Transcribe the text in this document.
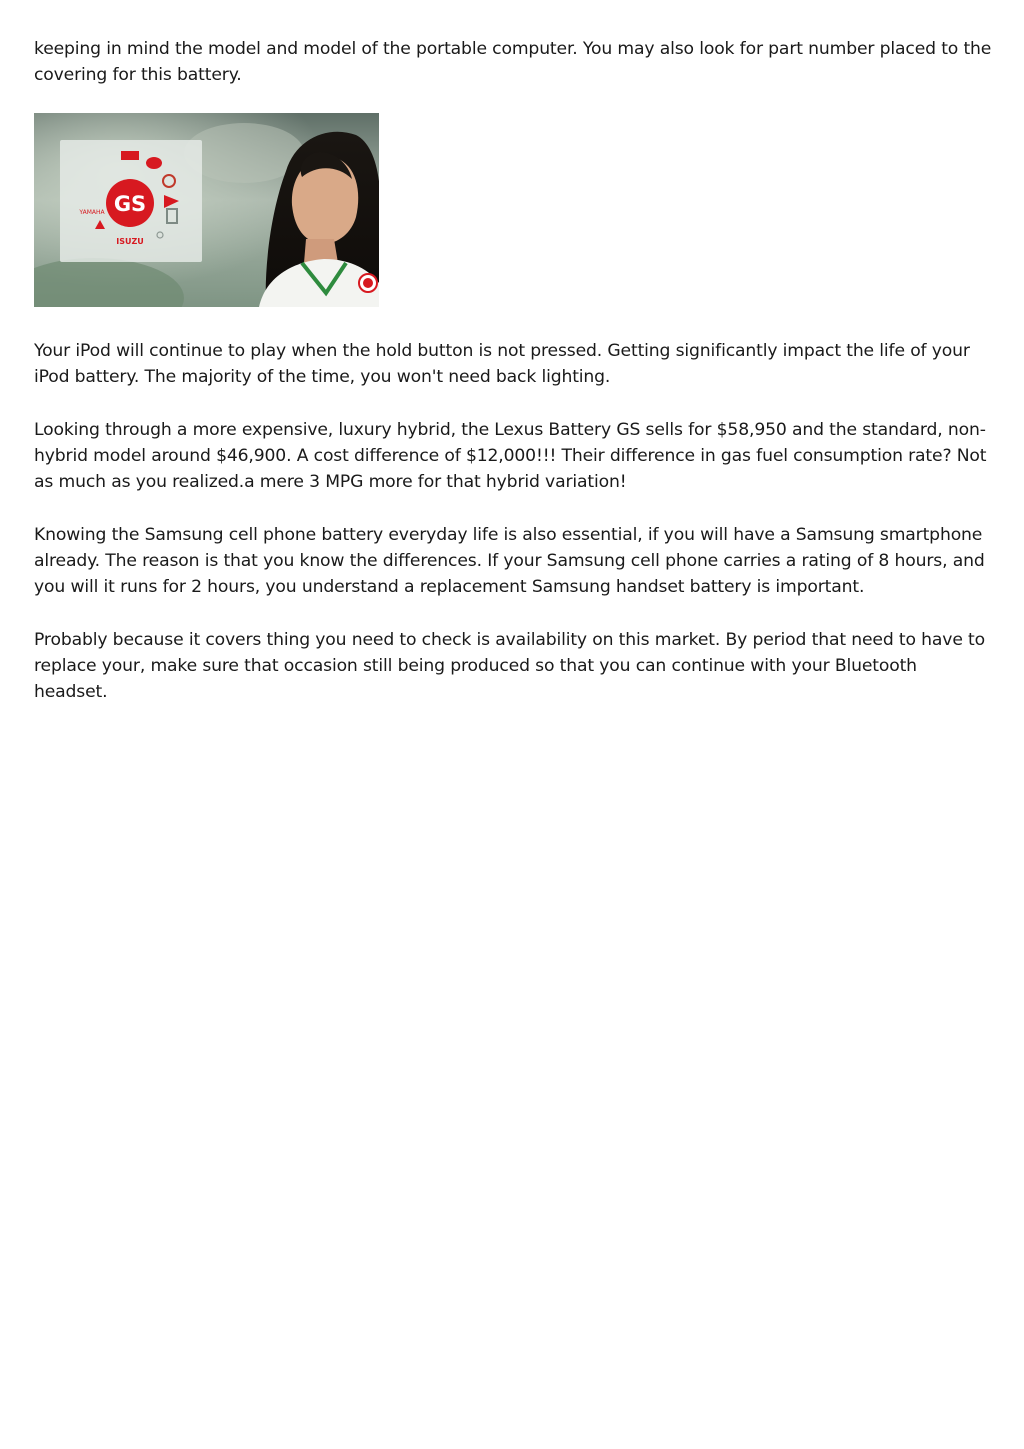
keeping in mind the model and model of the portable computer. You may also look for part number placed to the covering for this battery.

GS
YAMAHA
ISUZU

Your iPod will continue to play when the hold button is not pressed. Getting significantly impact the life of your iPod battery. The majority of the time, you won't need back lighting.

Looking through a more expensive, luxury hybrid, the Lexus Battery GS sells for $58,950 and the standard, non-hybrid model around $46,900. A cost difference of $12,000!!! Their difference in gas fuel consumption rate? Not as much as you realized.a mere 3 MPG more for that hybrid variation!

Knowing the Samsung cell phone battery everyday life is also essential, if you will have a Samsung smartphone already. The reason is that you know the differences. If your Samsung cell phone carries a rating of 8 hours, and you will it runs for 2 hours, you understand a replacement Samsung handset battery is important.

Probably because it covers thing you need to check is availability on this market. By period that need to have to replace your, make sure that occasion still being produced so that you can continue with your Bluetooth headset.
